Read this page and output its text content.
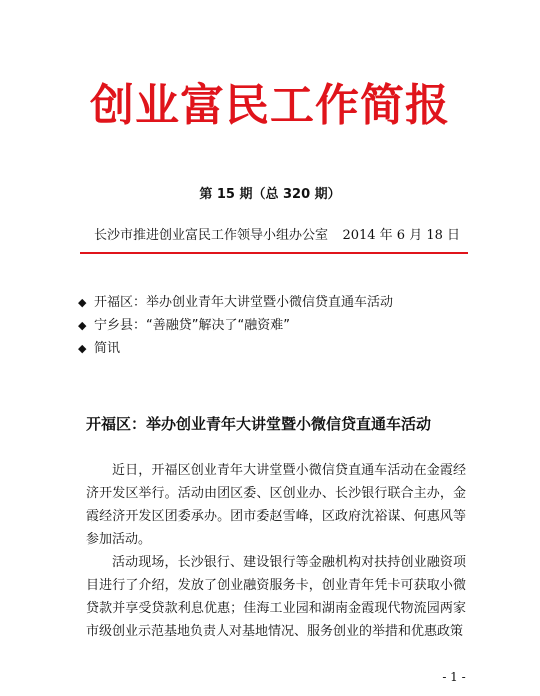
创业富民工作简报
第 15 期（总 320 期）
长沙市推进创业富民工作领导小组办公室 2014 年 6 月 18 日
◆ 开福区：举办创业青年大讲堂暨小微信贷直通车活动
◆ 宁乡县：“善融贷”解决了“融资难”
◆ 简讯
开福区：举办创业青年大讲堂暨小微信贷直通车活动

近日，开福区创业青年大讲堂暨小微信贷直通车活动在金霞经济开发区举行。活动由团区委、区创业办、长沙银行联合主办，金霞经济开发区团委承办。团市委赵雪峰，区政府沈裕谋、何惠风等参加活动。

活动现场，长沙银行、建设银行等金融机构对扶持创业融资项目进行了介绍，发放了创业融资服务卡，创业青年凭卡可获取小微贷款并享受贷款利息优惠；佳海工业园和湖南金霞现代物流园两家市级创业示范基地负责人对基地情况、服务创业的举措和优惠政策

- 1 -
